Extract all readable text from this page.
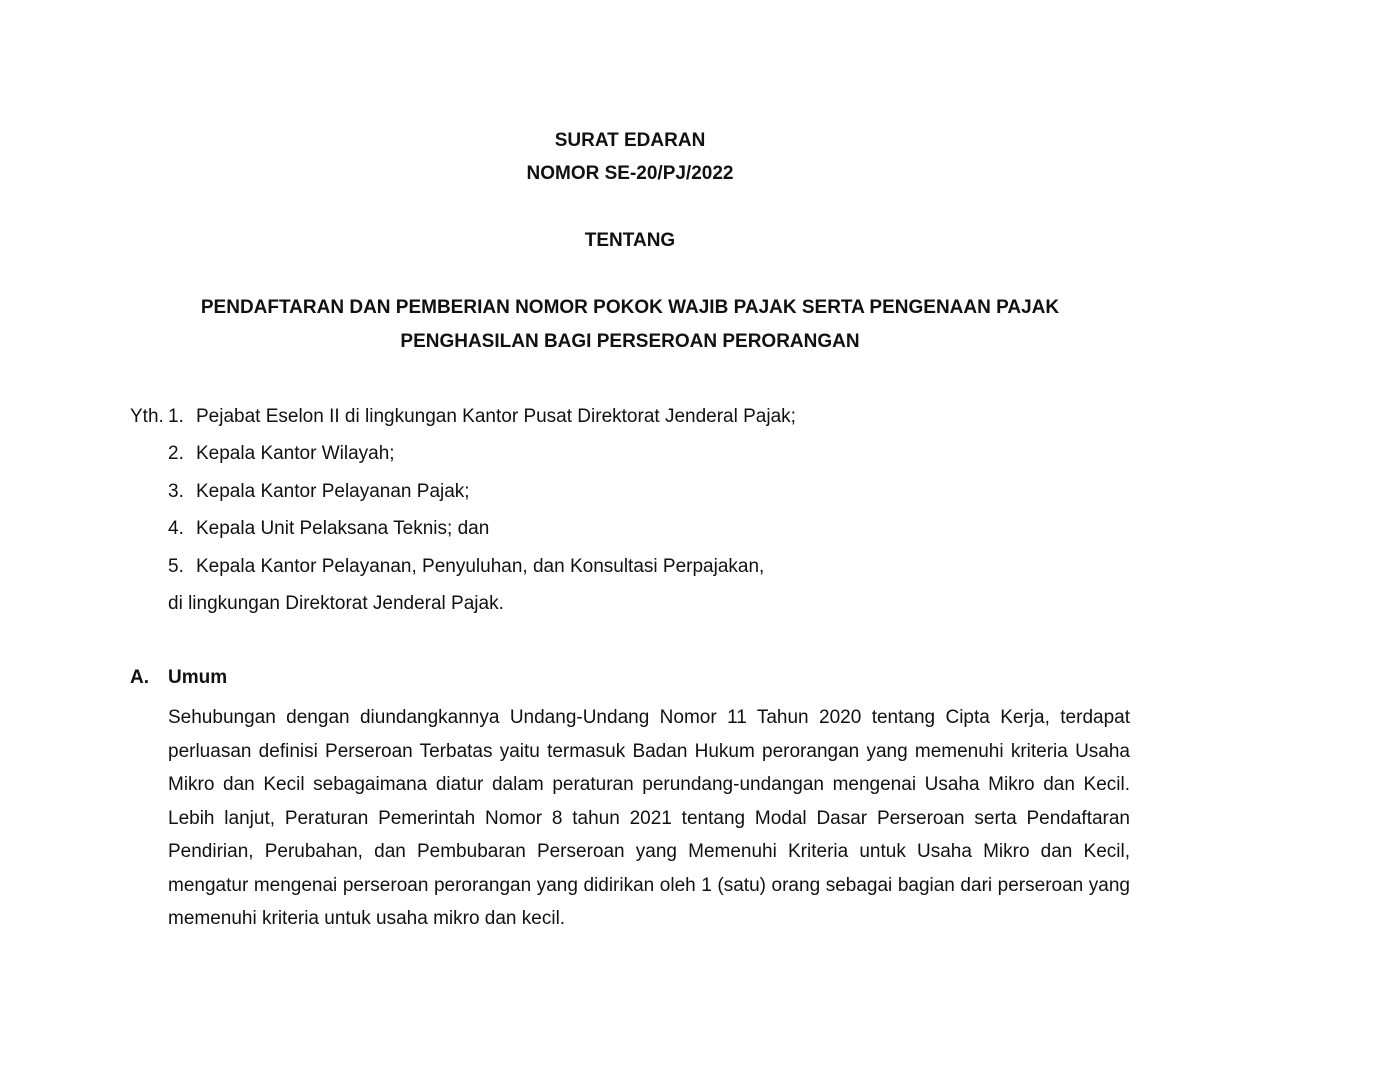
SURAT EDARAN
NOMOR SE-20/PJ/2022
TENTANG
PENDAFTARAN DAN PEMBERIAN NOMOR POKOK WAJIB PAJAK SERTA PENGENAAN PAJAK
PENGHASILAN BAGI PERSEROAN PERORANGAN
Yth. 1. Pejabat Eselon II di lingkungan Kantor Pusat Direktorat Jenderal Pajak;
2. Kepala Kantor Wilayah;
3. Kepala Kantor Pelayanan Pajak;
4. Kepala Unit Pelaksana Teknis; dan
5. Kepala Kantor Pelayanan, Penyuluhan, dan Konsultasi Perpajakan,
di lingkungan Direktorat Jenderal Pajak.
A. Umum
Sehubungan dengan diundangkannya Undang-Undang Nomor 11 Tahun 2020 tentang Cipta Kerja, terdapat perluasan definisi Perseroan Terbatas yaitu termasuk Badan Hukum perorangan yang memenuhi kriteria Usaha Mikro dan Kecil sebagaimana diatur dalam peraturan perundang-undangan mengenai Usaha Mikro dan Kecil. Lebih lanjut, Peraturan Pemerintah Nomor 8 tahun 2021 tentang Modal Dasar Perseroan serta Pendaftaran Pendirian, Perubahan, dan Pembubaran Perseroan yang Memenuhi Kriteria untuk Usaha Mikro dan Kecil, mengatur mengenai perseroan perorangan yang didirikan oleh 1 (satu) orang sebagai bagian dari perseroan yang memenuhi kriteria untuk usaha mikro dan kecil.
